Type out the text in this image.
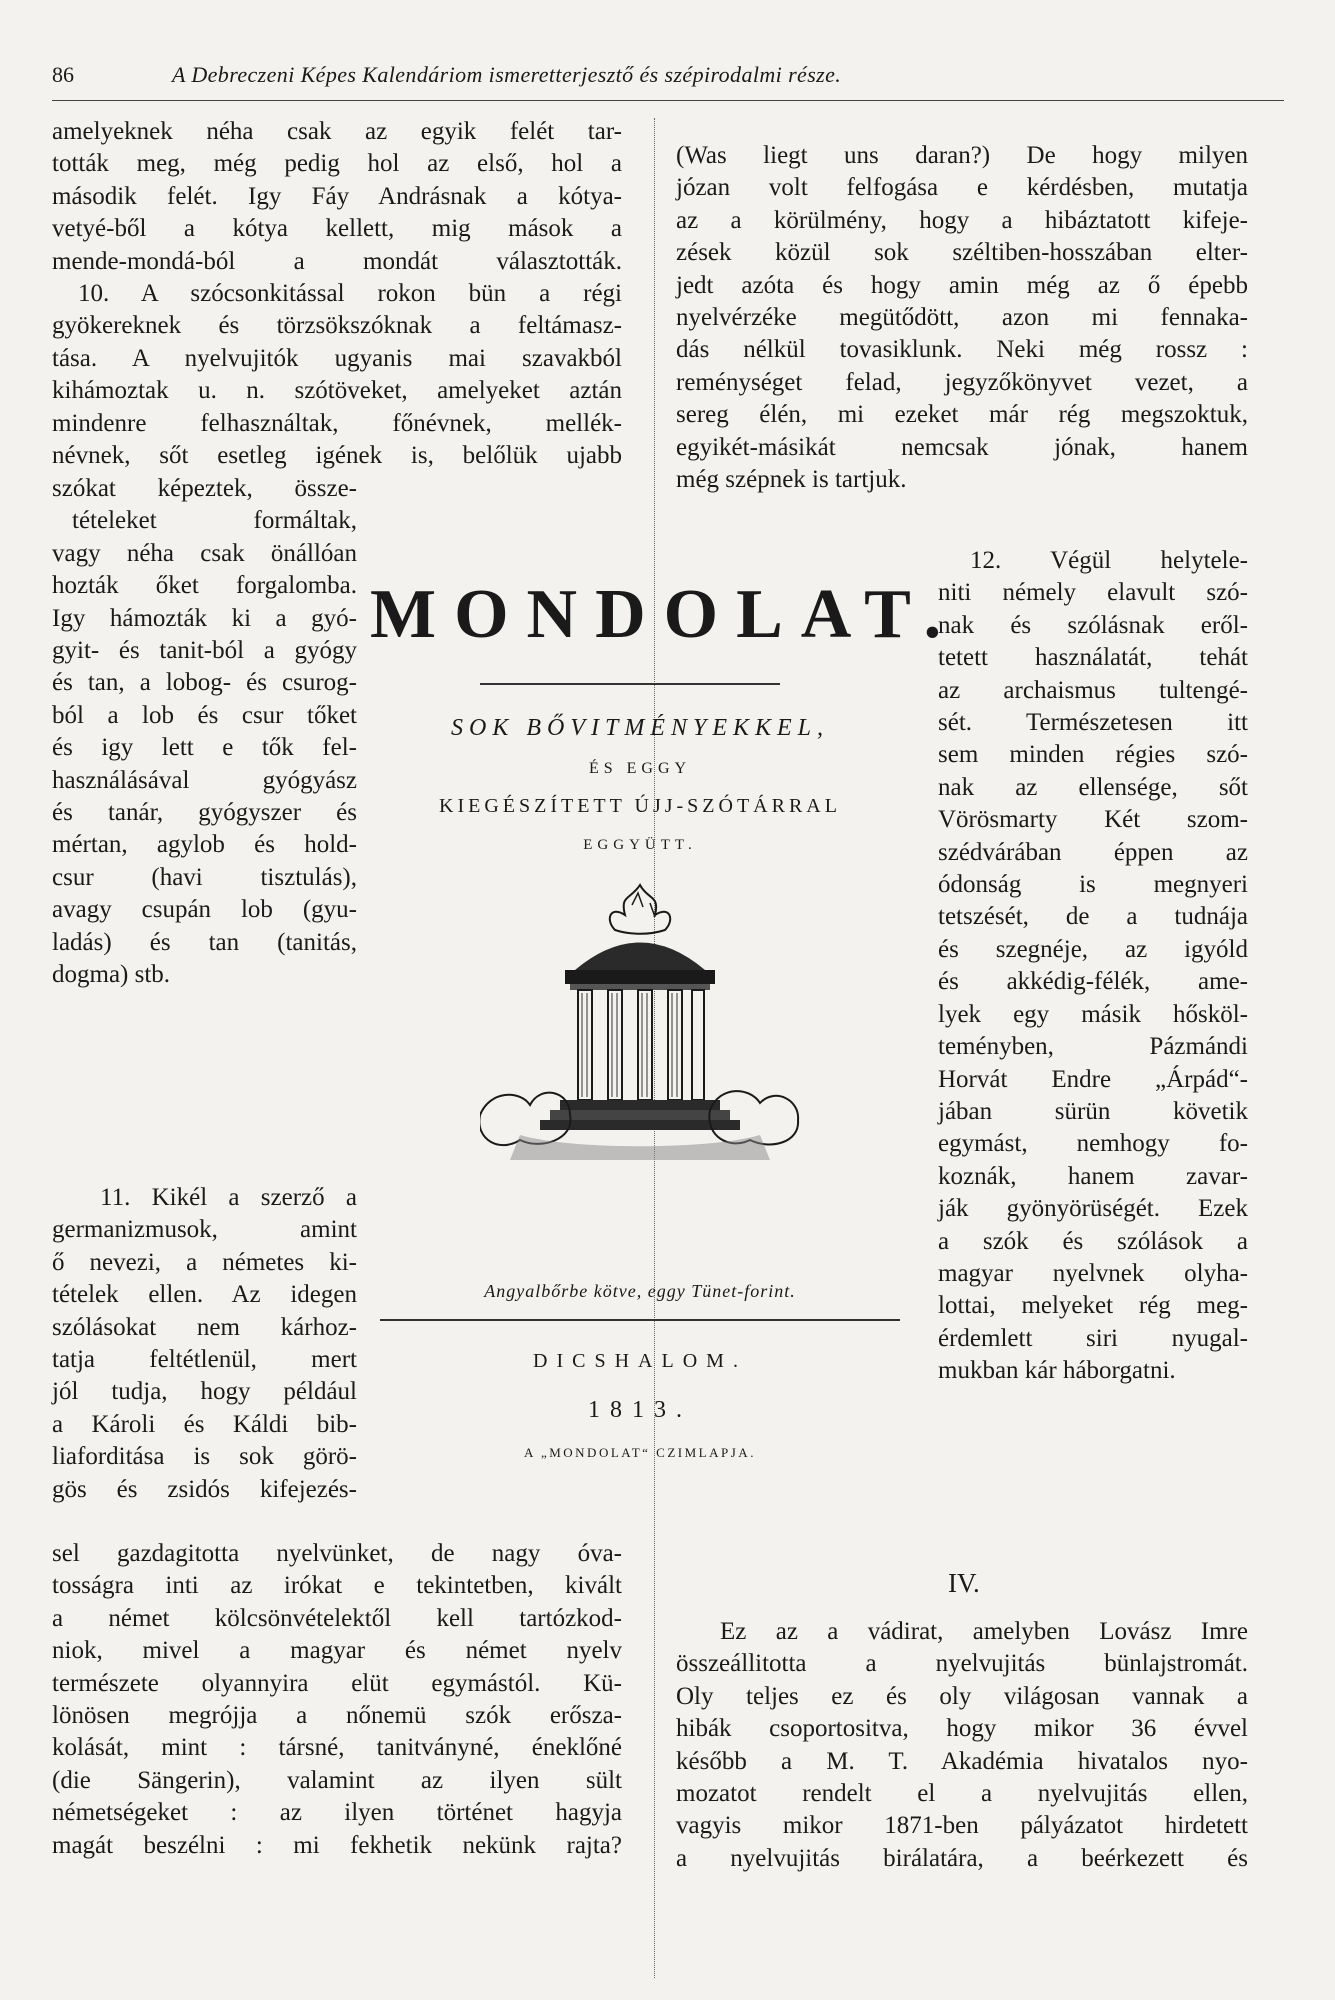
86	A Debreczeni Képes Kalendáriom ismeretterjesztő és szépirodalmi része.
amelyeknek néha csak az egyik felét tar-
tották meg, még pedig hol az első, hol a
második felét. Igy Fáy Andrásnak a kótya-
vetyé-ből a kótya kellett, mig mások a
mende-mondá-ból a mondát választották.
10. A szócsonkitással rokon bün a régi
gyökereknek és törzsökszóknak a feltámasz-
tása. A nyelvujitók ugyanis mai szavakból
kihámoztak u. n. szótöveket, amelyeket aztán
mindenre felhasználtak, főnévnek, mellék-
névnek, sőt esetleg igének is, belőlük ujabb
szókat képeztek, össze-
tételeket formáltak,
vagy néha csak önállóan
hozták őket forgalomba.
Igy hámozták ki a gyó-
gyit- és tanit-ból a gyógy
és tan, a lobog- és csurog-
ból a lob és csur tőket
és igy lett e tők fel-
használásával gyógyász
és tanár, gyógyszer és
mértan, agylob és hold-
csur (havi tisztulás),
avagy csupán lob (gyu-
ladás) és tan (tanitás,
dogma) stb.
11. Kikél a szerző a
germanizmusok, amint
ő nevezi, a németes ki-
tételek ellen. Az idegen
szólásokat nem kárhoz-
tatja feltétlenül, mert
jól tudja, hogy például
a Károli és Káldi bib-
liaforditása is sok görö-
gös és zsidós kifejezés-
sel gazdagitotta nyelvünket, de nagy óva-
tosságra inti az irókat e tekintetben, kivált
a német kölcsönvételektől kell tartózkod-
niok, mivel a magyar és német nyelv
természete olyannyira elüt egymástól. Kü-
lönösen megrójja a nőnemü szók erősza-
kolását, mint : társné, tanitványné, éneklőné
(die Sängerin), valamint az ilyen sült
németségeket : az ilyen történet hagyja
magát beszélni : mi fekhetik nekünk rajta?
(Was liegt uns daran?) De hogy milyen
józan volt felfogása e kérdésben, mutatja
az a körülmény, hogy a hibáztatott kifeje-
zések közül sok széltiben-hosszában elter-
jedt azóta és hogy amin még az ő épebb
nyelvérzéke megütődött, azon mi fennaka-
dás nélkül tovasiklunk. Neki még rossz :
reménységet felad, jegyzőkönyvet vezet, a
sereg élén, mi ezeket már rég megszoktuk,
egyikét-másikát nemcsak jónak, hanem
még szépnek is tartjuk.
12. Végül helytele-
niti némely elavult szó-
nak és szólásnak eről-
tetett használatát, tehát
az archaismus tultengé-
sét. Természetesen itt
sem minden régies szó-
nak az ellensége, sőt
Vörösmarty Két szom-
szédvárában éppen az
ódonság is megnyeri
tetszését, de a tudnája
és szegnéje, az igyóld
és akkédig-félék, ame-
lyek egy másik hősköl-
teményben, Pázmándi
Horvát Endre „Árpád“-
jában sürün követik
egymást, nemhogy fo-
koznák, hanem zavar-
ják gyönyörüségét. Ezek
a szók és szólások a
magyar nyelvnek olyha-
lottai, melyeket rég meg-
érdemlett siri nyugal-
mukban kár háborgatni.
IV.
Ez az a vádirat, amelyben Lovász Imre
összeállitotta a nyelvujitás bünlajstromát.
Oly teljes ez és oly világosan vannak a
hibák csoportositva, hogy mikor 36 évvel
később a M. T. Akadémia hivatalos nyo-
mozatot rendelt el a nyelvujitás ellen,
vagyis mikor 1871-ben pályázatot hirdetett
a nyelvujitás birálatára, a beérkezett és
MONDOLAT.
SOK BŐVITMÉNYEKKEL,
ÉS EGGY
KIEGÉSZÍTETT ÚJJ-SZÓTÁRRAL
EGGYÜTT.
Angyalbőrbe kötve, eggy Tünet-forint.
DICSHALOM.
1813.
A „MONDOLAT“ CZIMLAPJA.
